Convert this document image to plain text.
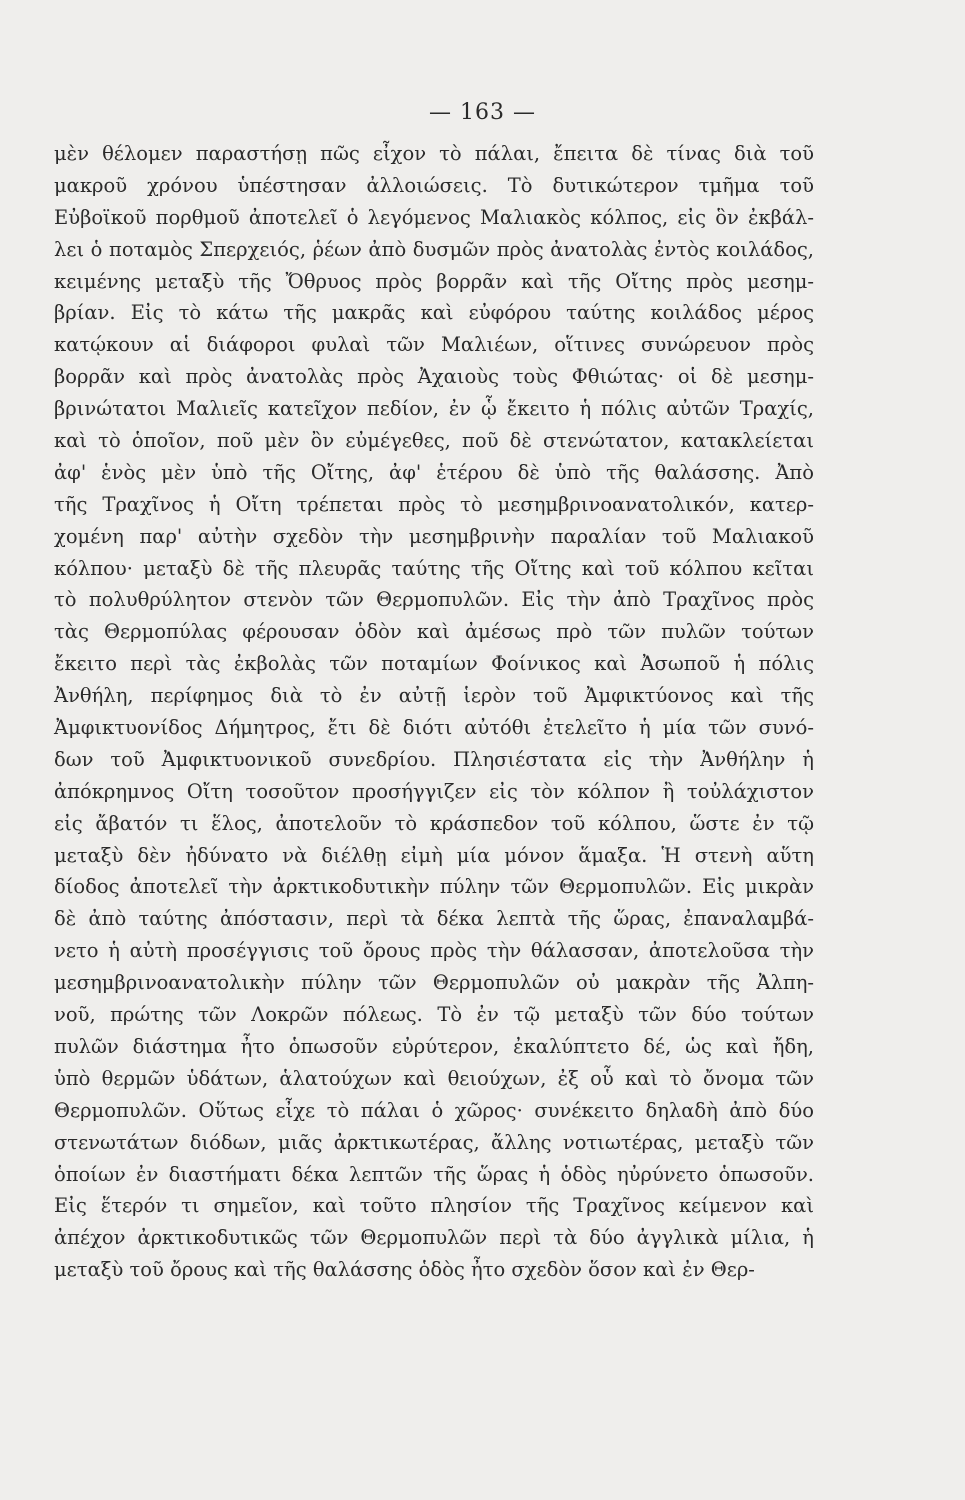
— 163 —
μὲν θέλομεν παραστήσῃ πῶς εἶχον τὸ πάλαι, ἔπειτα δὲ τίνας διὰ τοῦ
μακροῦ χρόνου ὑπέστησαν ἀλλοιώσεις. Τὸ δυτικώτερον τμῆμα τοῦ
Εὐβοϊκοῦ πορθμοῦ ἀποτελεῖ ὁ λεγόμενος Μαλιακὸς κόλπος, εἰς ὃν ἐκβάλ-
λει ὁ ποταμὸς Σπερχειός, ῥέων ἀπὸ δυσμῶν πρὸς ἀνατολὰς ἐντὸς κοιλάδος,
κειμένης μεταξὺ τῆς Ὄθρυος πρὸς βορρᾶν καὶ τῆς Οἴτης πρὸς μεσημ-
βρίαν. Εἰς τὸ κάτω τῆς μακρᾶς καὶ εὐφόρου ταύτης κοιλάδος μέρος
κατῴκουν αἱ διάφοροι φυλαὶ τῶν Μαλιέων, οἵτινες συνώρευον πρὸς
βορρᾶν καὶ πρὸς ἀνατολὰς πρὸς Ἀχαιοὺς τοὺς Φθιώτας· οἱ δὲ μεσημ-
βρινώτατοι Μαλιεῖς κατεῖχον πεδίον, ἐν ᾧ ἔκειτο ἡ πόλις αὐτῶν Τραχίς,
καὶ τὸ ὁποῖον, ποῦ μὲν ὂν εὐμέγεθες, ποῦ δὲ στενώτατον, κατακλείεται
ἀφ' ἑνὸς μὲν ὑπὸ τῆς Οἴτης, ἀφ' ἑτέρου δὲ ὑπὸ τῆς θαλάσσης. Ἀπὸ
τῆς Τραχῖνος ἡ Οἴτη τρέπεται πρὸς τὸ μεσημβρινοανατολικόν, κατερ-
χομένη παρ' αὐτὴν σχεδὸν τὴν μεσημβρινὴν παραλίαν τοῦ Μαλιακοῦ
κόλπου· μεταξὺ δὲ τῆς πλευρᾶς ταύτης τῆς Οἴτης καὶ τοῦ κόλπου κεῖται
τὸ πολυθρύλητον στενὸν τῶν Θερμοπυλῶν. Εἰς τὴν ἀπὸ Τραχῖνος πρὸς
τὰς Θερμοπύλας φέρουσαν ὁδὸν καὶ ἀμέσως πρὸ τῶν πυλῶν τούτων
ἔκειτο περὶ τὰς ἐκβολὰς τῶν ποταμίων Φοίνικος καὶ Ἀσωποῦ ἡ πόλις
Ἀνθήλη, περίφημος διὰ τὸ ἐν αὐτῇ ἱερὸν τοῦ Ἀμφικτύονος καὶ τῆς
Ἀμφικτυονίδος Δήμητρος, ἔτι δὲ διότι αὐτόθι ἐτελεῖτο ἡ μία τῶν συνό-
δων τοῦ Ἀμφικτυονικοῦ συνεδρίου. Πλησιέστατα εἰς τὴν Ἀνθήλην ἡ
ἀπόκρημνος Οἴτη τοσοῦτον προσήγγιζεν εἰς τὸν κόλπον ἢ τοὐλάχιστον
εἰς ἄβατόν τι ἕλος, ἀποτελοῦν τὸ κράσπεδον τοῦ κόλπου, ὥστε ἐν τῷ
μεταξὺ δὲν ἠδύνατο νὰ διέλθῃ εἰμὴ μία μόνον ἅμαξα. Ἡ στενὴ αὕτη
δίοδος ἀποτελεῖ τὴν ἀρκτικοδυτικὴν πύλην τῶν Θερμοπυλῶν. Εἰς μικρὰν
δὲ ἀπὸ ταύτης ἀπόστασιν, περὶ τὰ δέκα λεπτὰ τῆς ὥρας, ἐπαναλαμβά-
νετο ἡ αὐτὴ προσέγγισις τοῦ ὄρους πρὸς τὴν θάλασσαν, ἀποτελοῦσα τὴν
μεσημβρινοανατολικὴν πύλην τῶν Θερμοπυλῶν οὐ μακρὰν τῆς Ἀλπη-
νοῦ, πρώτης τῶν Λοκρῶν πόλεως. Τὸ ἐν τῷ μεταξὺ τῶν δύο τούτων
πυλῶν διάστημα ἦτο ὁπωσοῦν εὐρύτερον, ἐκαλύπτετο δέ, ὡς καὶ ἤδη,
ὑπὸ θερμῶν ὑδάτων, ἁλατούχων καὶ θειούχων, ἐξ οὗ καὶ τὸ ὄνομα τῶν
Θερμοπυλῶν. Οὕτως εἶχε τὸ πάλαι ὁ χῶρος· συνέκειτο δηλαδὴ ἀπὸ δύο
στενωτάτων διόδων, μιᾶς ἀρκτικωτέρας, ἄλλης νοτιωτέρας, μεταξὺ τῶν
ὁποίων ἐν διαστήματι δέκα λεπτῶν τῆς ὥρας ἡ ὁδὸς ηὐρύνετο ὁπωσοῦν.
Εἰς ἕτερόν τι σημεῖον, καὶ τοῦτο πλησίον τῆς Τραχῖνος κείμενον καὶ
ἀπέχον ἀρκτικοδυτικῶς τῶν Θερμοπυλῶν περὶ τὰ δύο ἀγγλικὰ μίλια, ἡ
μεταξὺ τοῦ ὄρους καὶ τῆς θαλάσσης ὁδὸς ἦτο σχεδὸν ὅσον καὶ ἐν Θερ-
